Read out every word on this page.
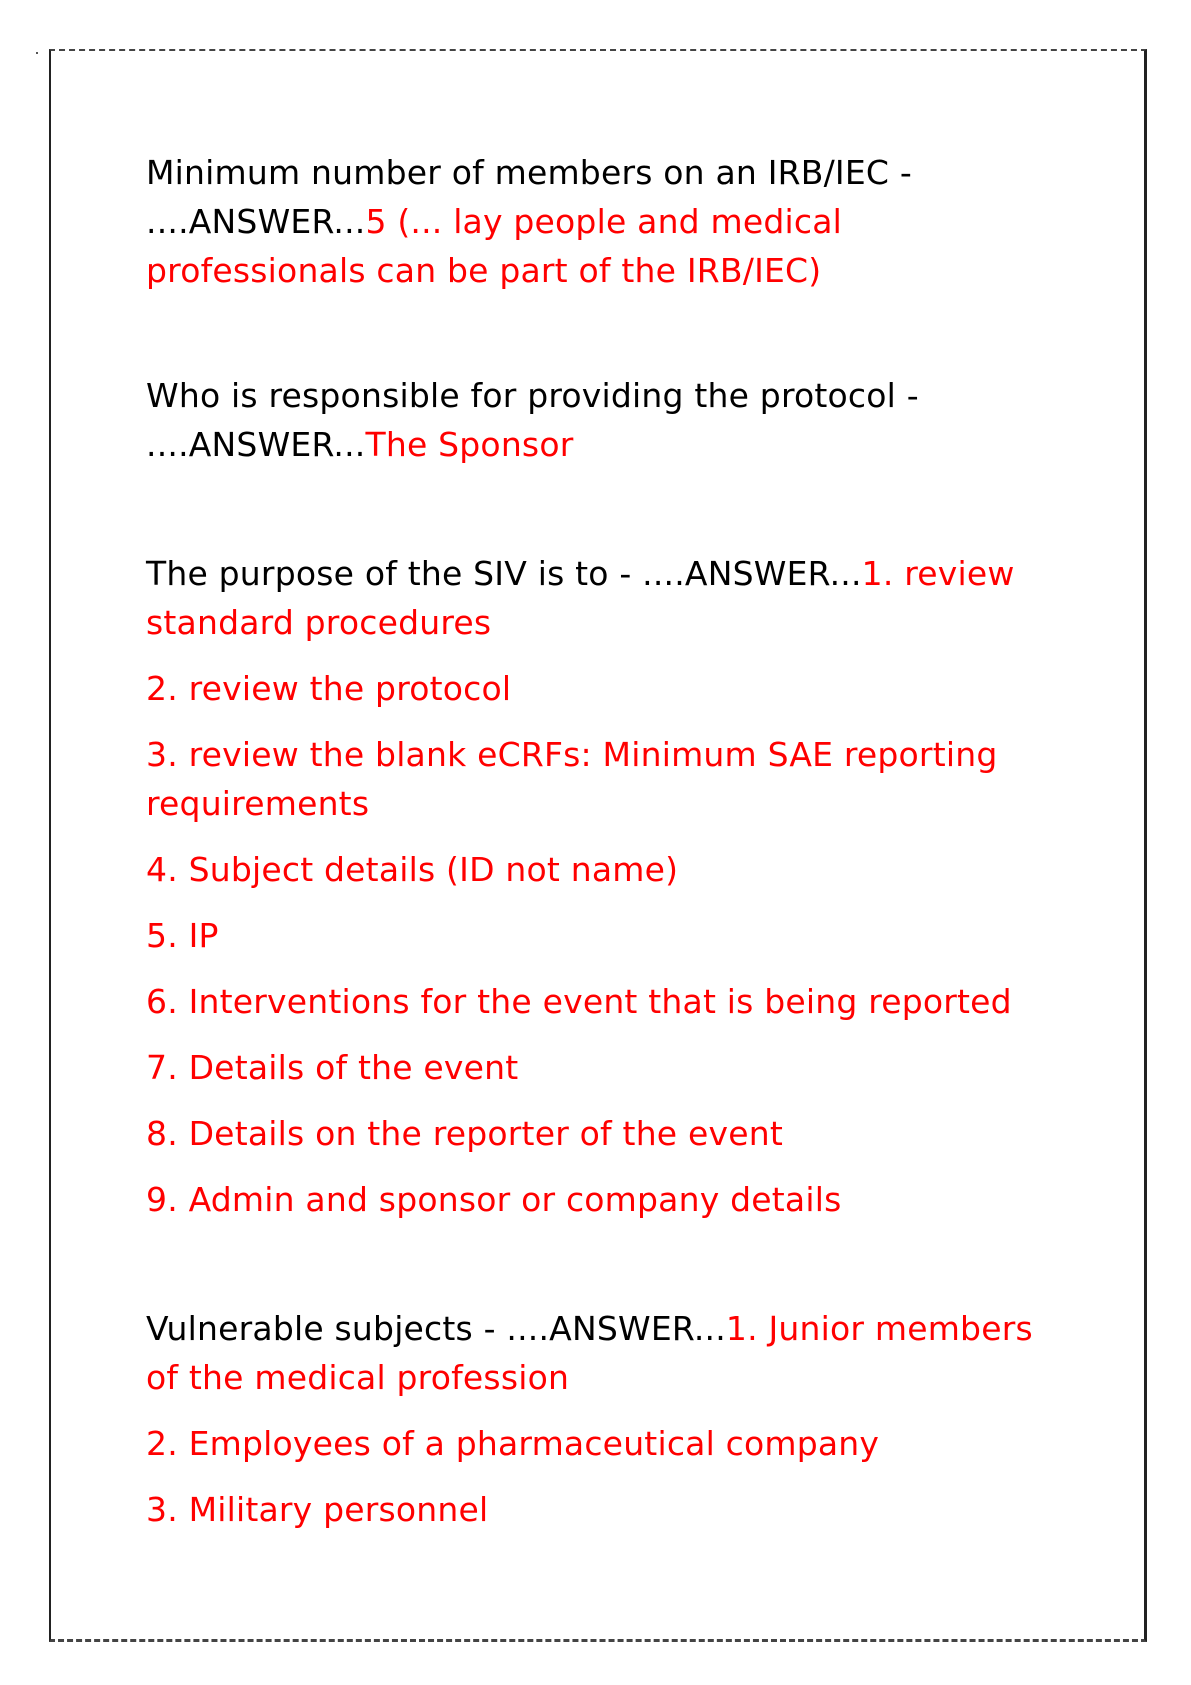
Minimum number of members on an IRB/IEC - ....ANSWER...5 (... lay people and medical professionals can be part of the IRB/IEC)

Who is responsible for providing the protocol - ....ANSWER...The Sponsor

The purpose of the SIV is to - ....ANSWER...1. review standard procedures

2. review the protocol

3. review the blank eCRFs: Minimum SAE reporting requirements

4. Subject details (ID not name)

5. IP

6. Interventions for the event that is being reported

7. Details of the event

8. Details on the reporter of the event

9. Admin and sponsor or company details

Vulnerable subjects - ....ANSWER...1. Junior members of the medical profession

2. Employees of a pharmaceutical company

3. Military personnel
